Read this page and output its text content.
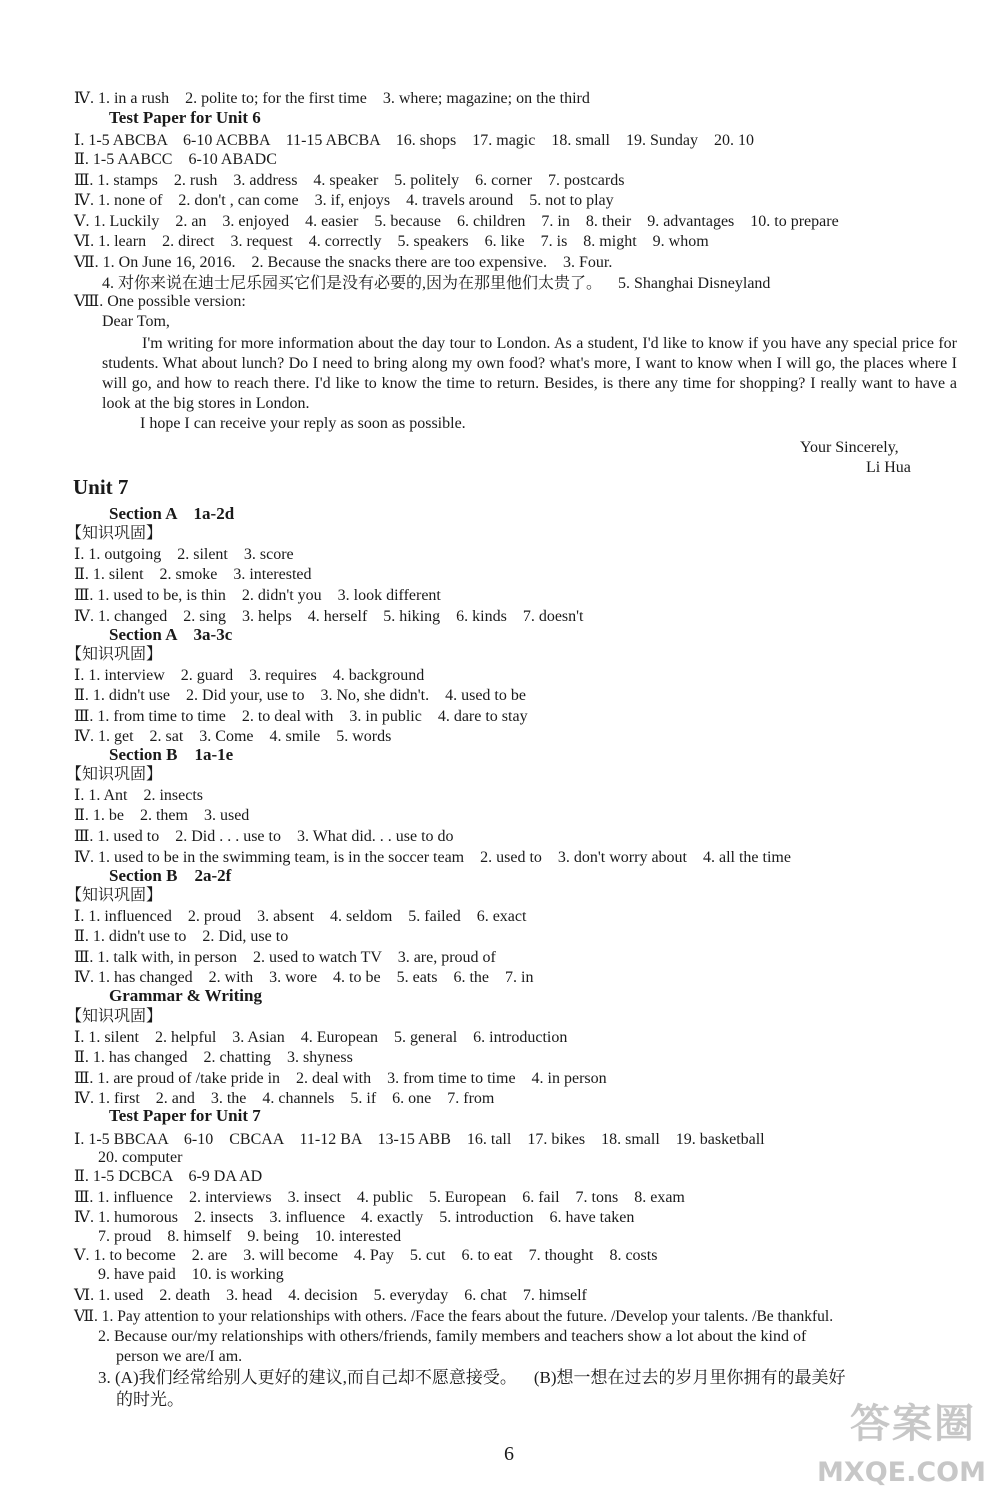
Ⅳ. 1. in a rush    2. polite to; for the first time    3. where; magazine; on the third
Test Paper for Unit 6
Ⅰ. 1-5 ABCBA    6-10 ACBBA    11-15 ABCBA    16. shops    17. magic    18. small    19. Sunday    20. 10
Ⅱ. 1-5 AABCC    6-10 ABADC
Ⅲ. 1. stamps    2. rush    3. address    4. speaker    5. politely    6. corner    7. postcards
Ⅳ. 1. none of    2. don't , can come    3. if, enjoys    4. travels around    5. not to play
Ⅴ. 1. Luckily    2. an    3. enjoyed    4. easier    5. because    6. children    7. in    8. their    9. advantages    10. to prepare
Ⅵ. 1. learn    2. direct    3. request    4. correctly    5. speakers    6. like    7. is    8. might    9. whom
Ⅶ. 1. On June 16, 2016.    2. Because the snacks there are too expensive.    3. Four.
4. 对你来说在迪士尼乐园买它们是没有必要的,因为在那里他们太贵了。    5. Shanghai Disneyland
Ⅷ. One possible version:
Dear Tom,
I'm writing for more information about the day tour to London. As a student, I'd like to know if you have any special price for students. What about lunch? Do I need to bring along my own food? what's more, I want to know when I will go, the places where I will go, and how to reach there. I'd like to know the time to return. Besides, is there any time for shopping? I really want to have a look at the big stores in London.
I hope I can receive your reply as soon as possible.
Your Sincerely,
Li Hua
Unit 7
Section A    1a-2d
【知识巩固】
Ⅰ. 1. outgoing    2. silent    3. score
Ⅱ. 1. silent    2. smoke    3. interested
Ⅲ. 1. used to be, is thin    2. didn't you    3. look different
Ⅳ. 1. changed    2. sing    3. helps    4. herself    5. hiking    6. kinds    7. doesn't
Section A    3a-3c
【知识巩固】
Ⅰ. 1. interview    2. guard    3. requires    4. background
Ⅱ. 1. didn't use    2. Did your, use to    3. No, she didn't.    4. used to be
Ⅲ. 1. from time to time    2. to deal with    3. in public    4. dare to stay
Ⅳ. 1. get    2. sat    3. Come    4. smile    5. words
Section B    1a-1e
【知识巩固】
Ⅰ. 1. Ant    2. insects
Ⅱ. 1. be    2. them    3. used
Ⅲ. 1. used to    2. Did . . . use to    3. What did. . . use to do
Ⅳ. 1. used to be in the swimming team, is in the soccer team    2. used to    3. don't worry about    4. all the time
Section B    2a-2f
【知识巩固】
Ⅰ. 1. influenced    2. proud    3. absent    4. seldom    5. failed    6. exact
Ⅱ. 1. didn't use to    2. Did, use to
Ⅲ. 1. talk with, in person    2. used to watch TV    3. are, proud of
Ⅳ. 1. has changed    2. with    3. wore    4. to be    5. eats    6. the    7. in
Grammar & Writing
【知识巩固】
Ⅰ. 1. silent    2. helpful    3. Asian    4. European    5. general    6. introduction
Ⅱ. 1. has changed    2. chatting    3. shyness
Ⅲ. 1. are proud of /take pride in    2. deal with    3. from time to time    4. in person
Ⅳ. 1. first    2. and    3. the    4. channels    5. if    6. one    7. from
Test Paper for Unit 7
Ⅰ. 1-5 BBCAA    6-10    CBCAA    11-12 BA    13-15 ABB    16. tall    17. bikes    18. small    19. basketball
20. computer
Ⅱ. 1-5 DCBCA    6-9 DA AD
Ⅲ. 1. influence    2. interviews    3. insect    4. public    5. European    6. fail    7. tons    8. exam
Ⅳ. 1. humorous    2. insects    3. influence    4. exactly    5. introduction    6. have taken
7. proud    8. himself    9. being    10. interested
Ⅴ. 1. to become    2. are    3. will become    4. Pay    5. cut    6. to eat    7. thought    8. costs
9. have paid    10. is working
Ⅵ. 1. used    2. death    3. head    4. decision    5. everyday    6. chat    7. himself
Ⅶ. 1. Pay attention to your relationships with others. /Face the fears about the future. /Develop your talents. /Be thankful.
2. Because our/my relationships with others/friends, family members and teachers show a lot about the kind of
person we are/I am.
3. (A)我们经常给别人更好的建议,而自己却不愿意接受。    (B)想一想在过去的岁月里你拥有的最美好
的时光。
6
答案圈
MXQE.COM
